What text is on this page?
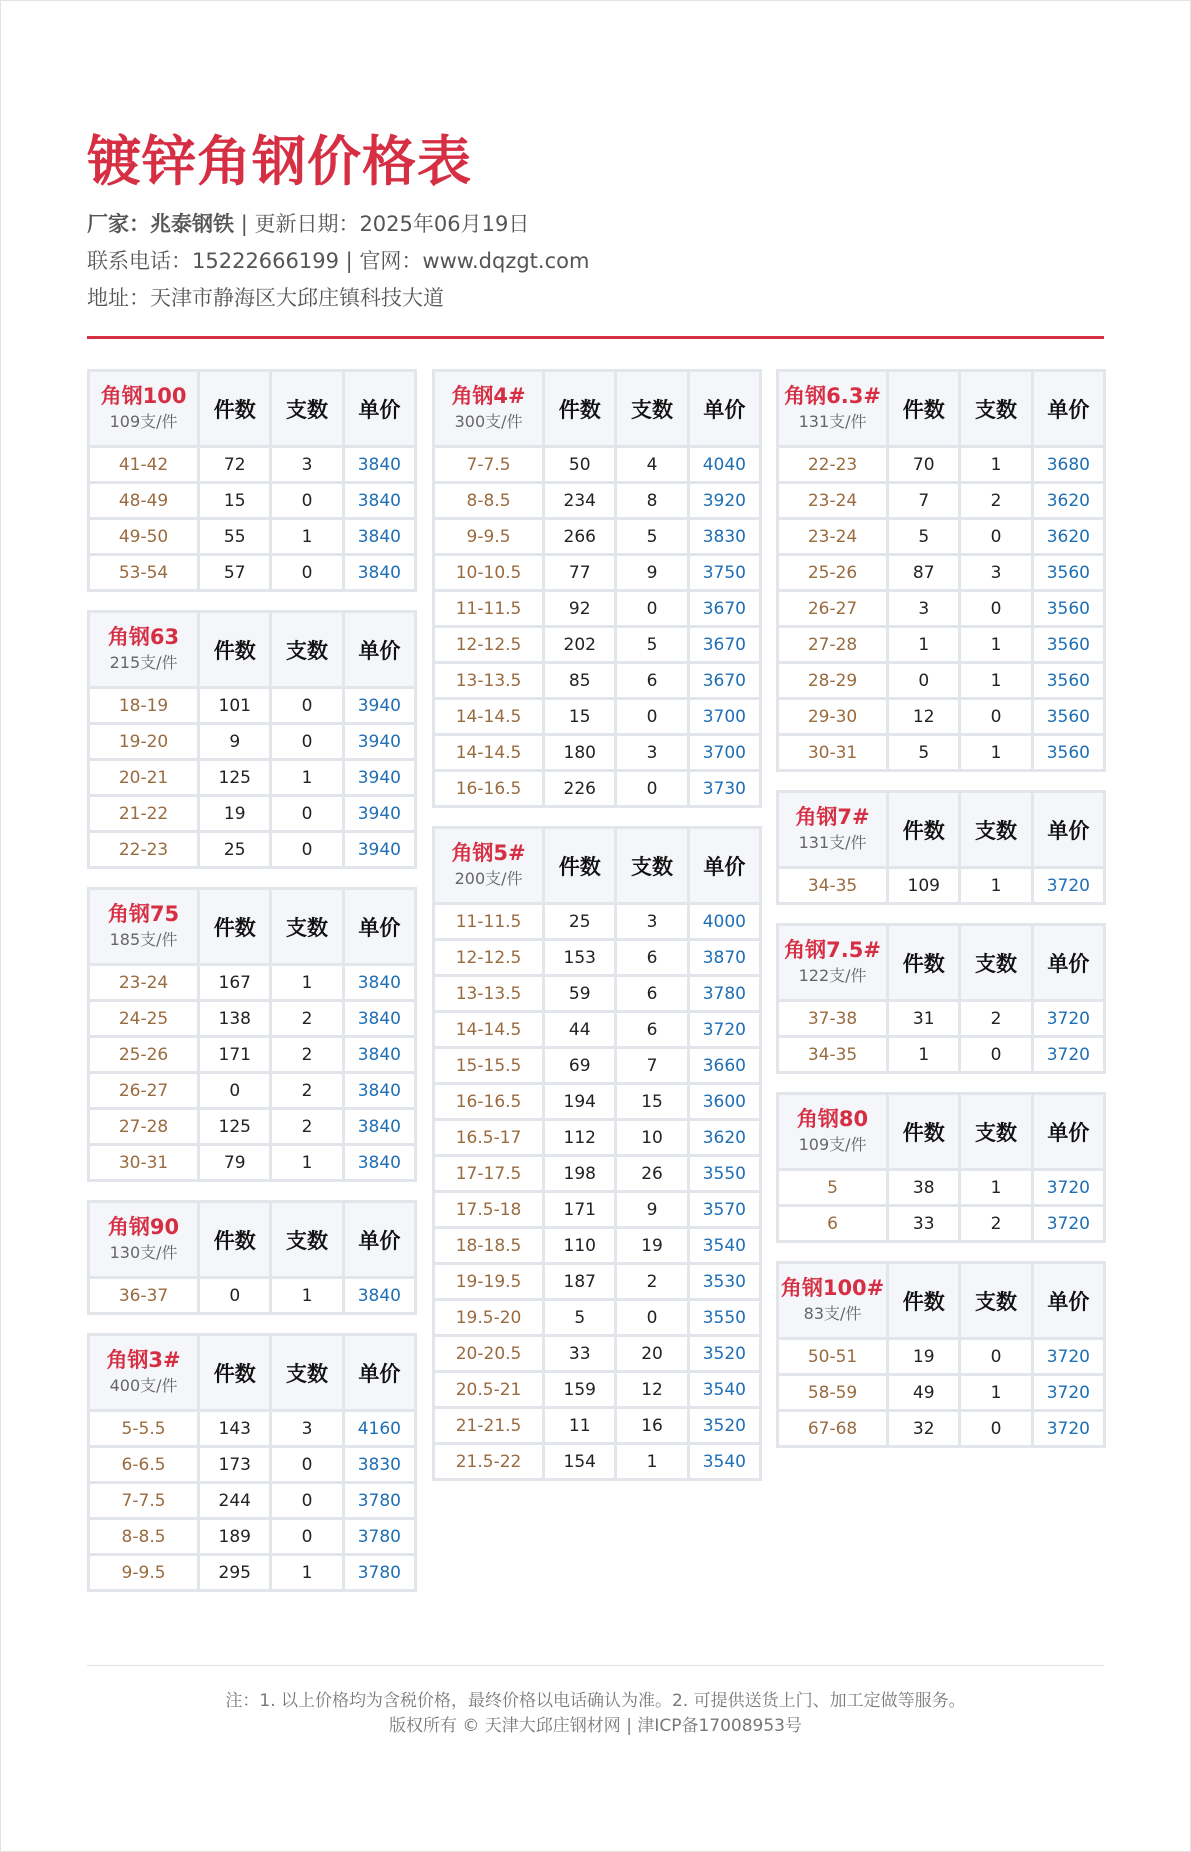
镀锌角钢价格表
厂家：兆泰钢铁 | 更新日期：2025年06月19日
联系电话：15222666199 | 官网：www.dqzgt.com
地址：天津市静海区大邱庄镇科技大道
角钢100
109支/件	件数	支数	单价
41-42	72	3	3840
48-49	15	0	3840
49-50	55	1	3840
53-54	57	0	3840
角钢63
215支/件	件数	支数	单价
18-19	101	0	3940
19-20	9	0	3940
20-21	125	1	3940
21-22	19	0	3940
22-23	25	0	3940
角钢75
185支/件	件数	支数	单价
23-24	167	1	3840
24-25	138	2	3840
25-26	171	2	3840
26-27	0	2	3840
27-28	125	2	3840
30-31	79	1	3840
角钢90
130支/件	件数	支数	单价
36-37	0	1	3840
角钢3#
400支/件	件数	支数	单价
5-5.5	143	3	4160
6-6.5	173	0	3830
7-7.5	244	0	3780
8-8.5	189	0	3780
9-9.5	295	1	3780
角钢4#
300支/件	件数	支数	单价
7-7.5	50	4	4040
8-8.5	234	8	3920
9-9.5	266	5	3830
10-10.5	77	9	3750
11-11.5	92	0	3670
12-12.5	202	5	3670
13-13.5	85	6	3670
14-14.5	15	0	3700
14-14.5	180	3	3700
16-16.5	226	0	3730
角钢5#
200支/件	件数	支数	单价
11-11.5	25	3	4000
12-12.5	153	6	3870
13-13.5	59	6	3780
14-14.5	44	6	3720
15-15.5	69	7	3660
16-16.5	194	15	3600
16.5-17	112	10	3620
17-17.5	198	26	3550
17.5-18	171	9	3570
18-18.5	110	19	3540
19-19.5	187	2	3530
19.5-20	5	0	3550
20-20.5	33	20	3520
20.5-21	159	12	3540
21-21.5	11	16	3520
21.5-22	154	1	3540
角钢6.3#
131支/件	件数	支数	单价
22-23	70	1	3680
23-24	7	2	3620
23-24	5	0	3620
25-26	87	3	3560
26-27	3	0	3560
27-28	1	1	3560
28-29	0	1	3560
29-30	12	0	3560
30-31	5	1	3560
角钢7#
131支/件	件数	支数	单价
34-35	109	1	3720
角钢7.5#
122支/件	件数	支数	单价
37-38	31	2	3720
34-35	1	0	3720
角钢80
109支/件	件数	支数	单价
5	38	1	3720
6	33	2	3720
角钢100#
83支/件	件数	支数	单价
50-51	19	0	3720
58-59	49	1	3720
67-68	32	0	3720
注：1. 以上价格均为含税价格，最终价格以电话确认为准。2. 可提供送货上门、加工定做等服务。
版权所有 © 天津大邱庄钢材网 | 津ICP备17008953号
